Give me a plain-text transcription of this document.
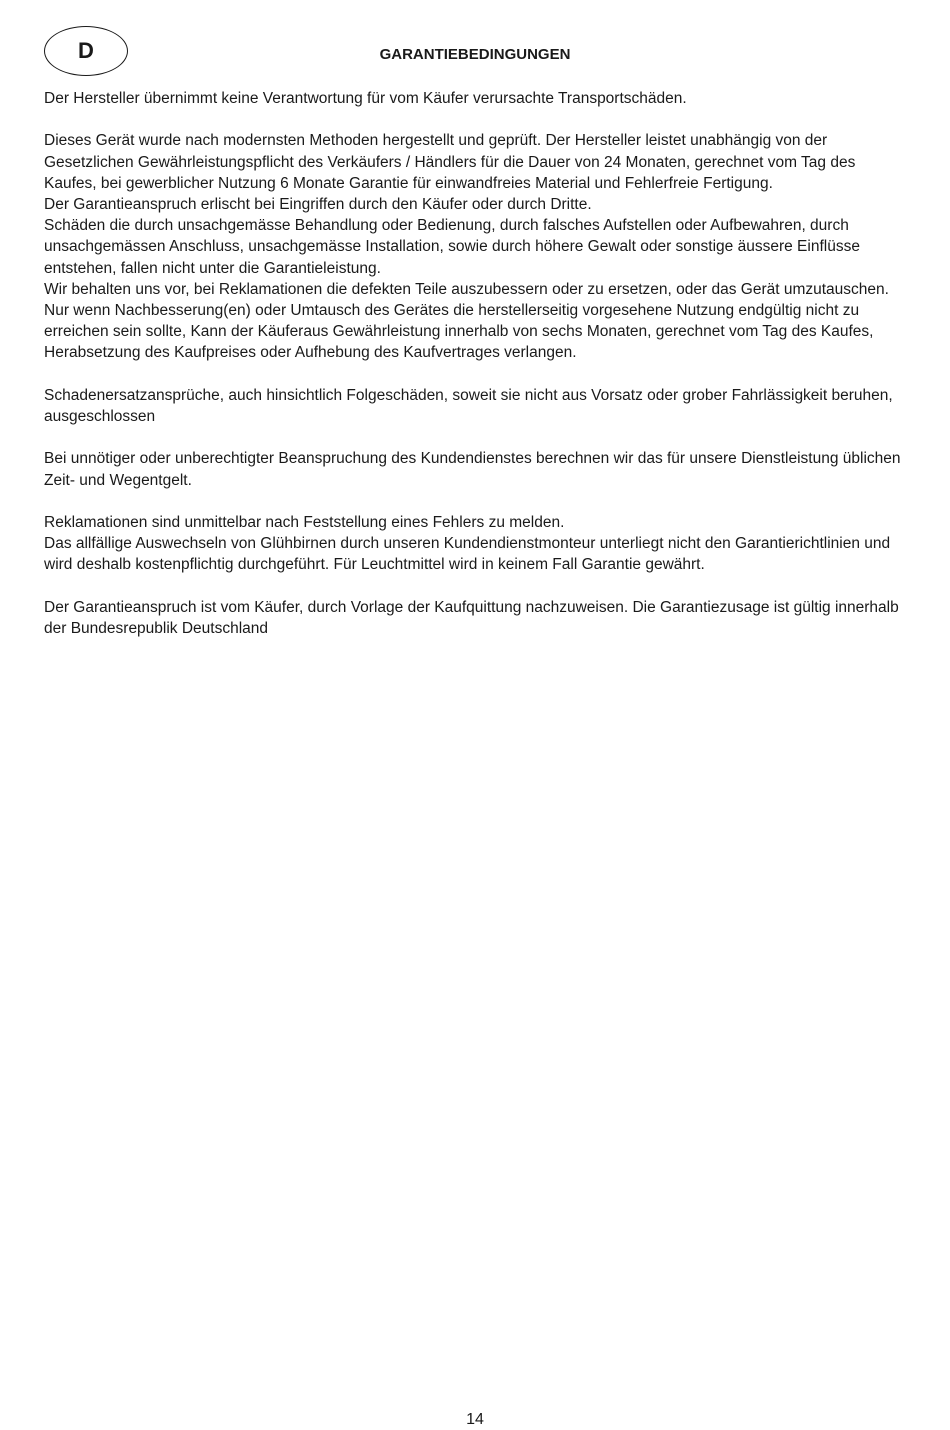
D	GARANTIEBEDINGUNGEN

Der Hersteller übernimmt keine Verantwortung für vom Käufer verursachte Transportschäden.

Dieses Gerät wurde nach modernsten Methoden hergestellt und geprüft. Der Hersteller leistet unabhängig von der Gesetzlichen Gewährleistungspflicht des Verkäufers / Händlers für die Dauer von 24 Monaten, gerechnet vom Tag des Kaufes, bei gewerblicher Nutzung 6 Monate Garantie für einwandfreies Material und Fehlerfreie Fertigung.

Der Garantieanspruch erlischt bei Eingriffen durch den Käufer oder durch Dritte.

Schäden die durch unsachgemässe Behandlung oder Bedienung, durch falsches Aufstellen oder Aufbewahren, durch unsachgemässen Anschluss, unsachgemässe Installation, sowie durch höhere Gewalt oder sonstige äussere Einflüsse entstehen, fallen nicht unter die Garantieleistung.

Wir behalten uns vor, bei Reklamationen die defekten Teile auszubessern oder zu ersetzen, oder das Gerät umzutauschen.

Nur wenn Nachbesserung(en) oder Umtausch des Gerätes die herstellerseitig vorgesehene Nutzung endgültig nicht zu erreichen sein sollte, Kann der Käuferaus Gewährleistung innerhalb von sechs Monaten, gerechnet vom Tag des Kaufes, Herabsetzung des Kaufpreises oder Aufhebung des Kaufvertrages verlangen.

Schadenersatzansprüche, auch hinsichtlich Folgeschäden, soweit sie nicht aus Vorsatz oder grober Fahrlässigkeit beruhen, ausgeschlossen

Bei unnötiger oder unberechtigter Beanspruchung des Kundendienstes berechnen wir das für unsere Dienstleistung üblichen Zeit- und Wegentgelt.

Reklamationen sind unmittelbar nach Feststellung eines Fehlers zu melden.

Das allfällige Auswechseln von Glühbirnen durch unseren Kundendienstmonteur unterliegt nicht den Garantierichtlinien und wird deshalb kostenpflichtig durchgeführt. Für Leuchtmittel wird in keinem Fall Garantie gewährt.

Der Garantieanspruch ist vom Käufer, durch Vorlage der Kaufquittung nachzuweisen. Die Garantiezusage ist gültig innerhalb der Bundesrepublik Deutschland

14
